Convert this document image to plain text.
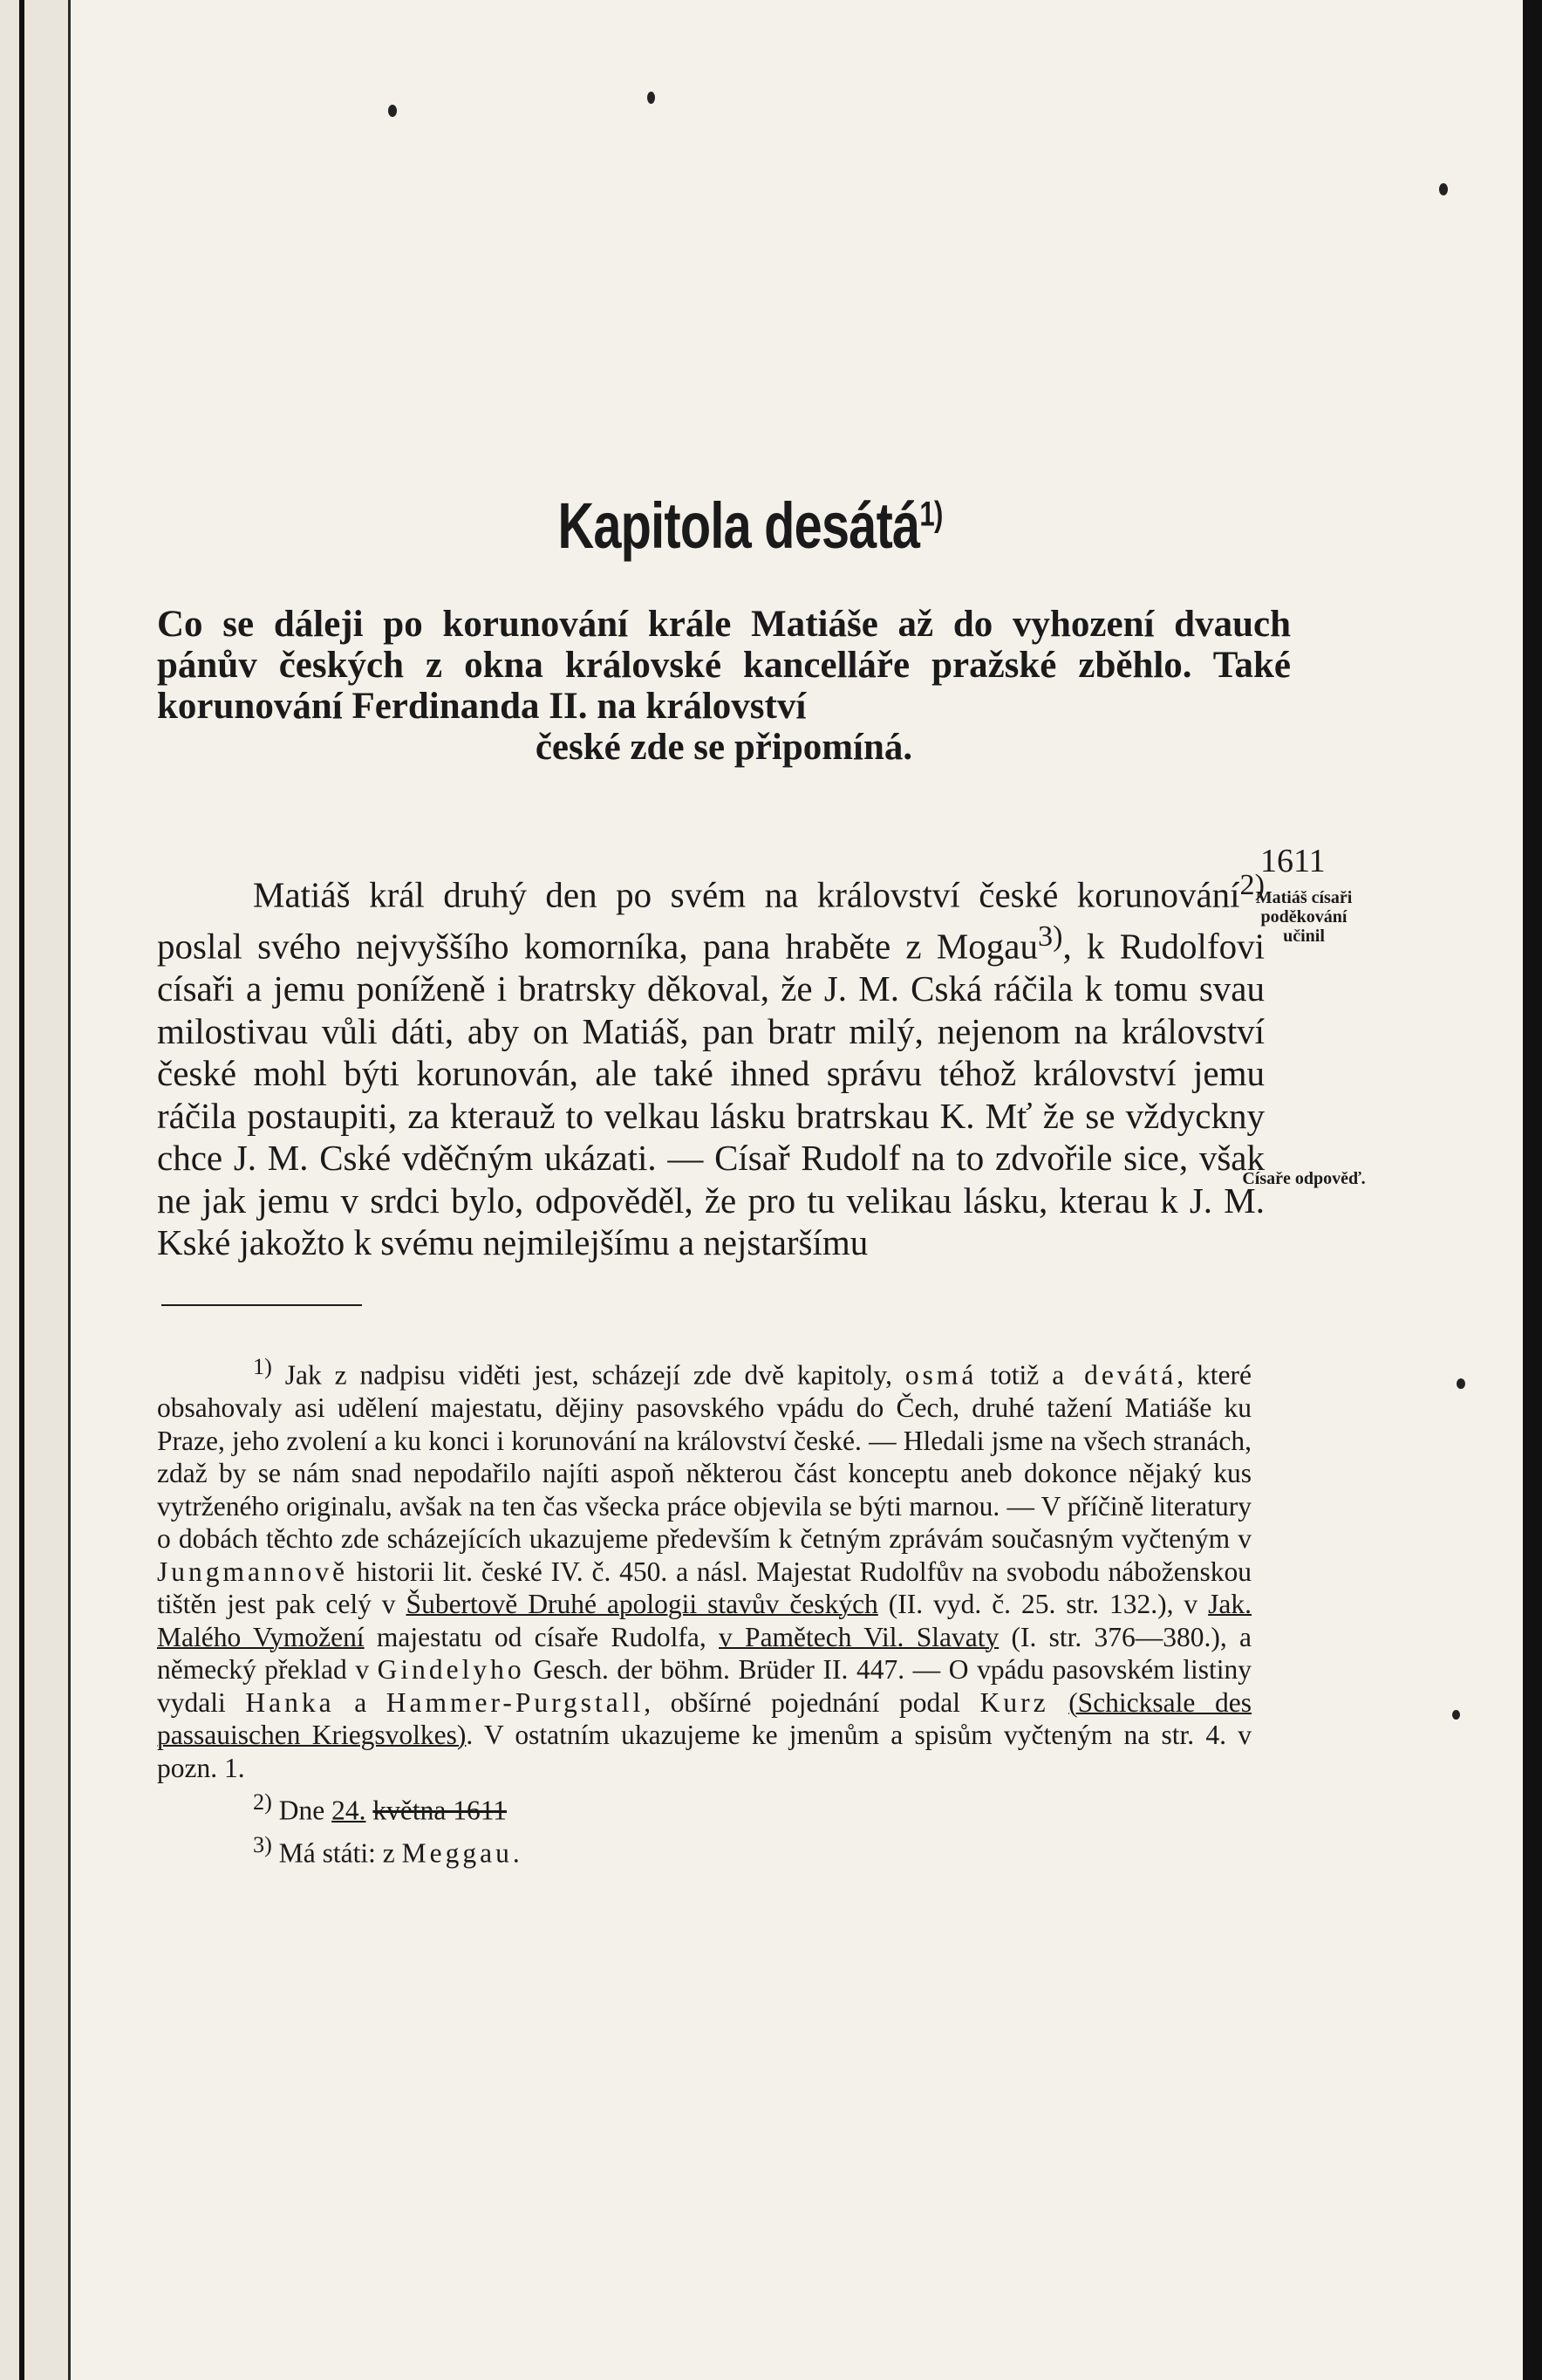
Kapitola desátá$^{1)}$
Co se dáleji po korunování krále Matiáše až do vyhození dvauch pánův českých z okna královské kancelláře pražské zběhlo. Také korunování Ferdinanda II. na království
české zde se připomíná.
1611
Matiáš císaři poděkování učinil
Císaře odpověď.

Matiáš král druhý den po svém na království české korunování$^{2)}$ poslal svého nejvyššího komorníka, pana hraběte z Mogau$^{3)}$, k Rudolfovi císaři a jemu poníženě i bratrsky děkoval, že J. M. Cská ráčila k tomu svau milostivau vůli dáti, aby on Matiáš, pan bratr milý, nejenom na království české mohl býti korunován, ale také ihned správu téhož království jemu ráčila postaupiti, za kterauž to velkau lásku bratrskau K. Mť že se vždyckny chce J. M. Cské vděčným ukázati. — Císař Rudolf na to zdvořile sice, však ne jak jemu v srdci bylo, odpověděl, že pro tu velikau lásku, kterau k J. M. Kské jakožto k svému nejmilejšímu a nejstaršímu

$^{1)}$ Jak z nadpisu viděti jest, scházejí zde dvě kapitoly, osmá totiž a devátá, které obsahovaly asi udělení majestatu, dějiny pasovského vpádu do Čech, druhé tažení Matiáše ku Praze, jeho zvolení a ku konci i korunování na království české. — Hledali jsme na všech stranách, zdaž by se nám snad nepodařilo najíti aspoň některou část konceptu aneb dokonce nějaký kus vytrženého originalu, avšak na ten čas všecka práce objevila se býti marnou. — V příčině literatury o dobách těchto zde scházejících ukazujeme především k četným zprávám současným vyčteným v Jungmannově historii lit. české IV. č. 450. a násl. Majestat Rudolfův na svobodu náboženskou tištěn jest pak celý v Šubertově Druhé apologii stavův českých (II. vyd. č. 25. str. 132.), v Jak. Malého Vymožení majestatu od císaře Rudolfa, v Pamětech Vil. Slavaty (I. str. 376—380.), a německý překlad v Gindelyho Gesch. der böhm. Brüder II. 447. — O vpádu pasovském listiny vydali Hanka a Hammer-Purgstall, obšírné pojednání podal Kurz (Schicksale des passauischen Kriegsvolkes). V ostatním ukazujeme ke jmenům a spisům vyčteným na str. 4. v pozn. 1.

$^{2)}$ Dne 24. května 1611

$^{3)}$ Má státi: z Meggau.
